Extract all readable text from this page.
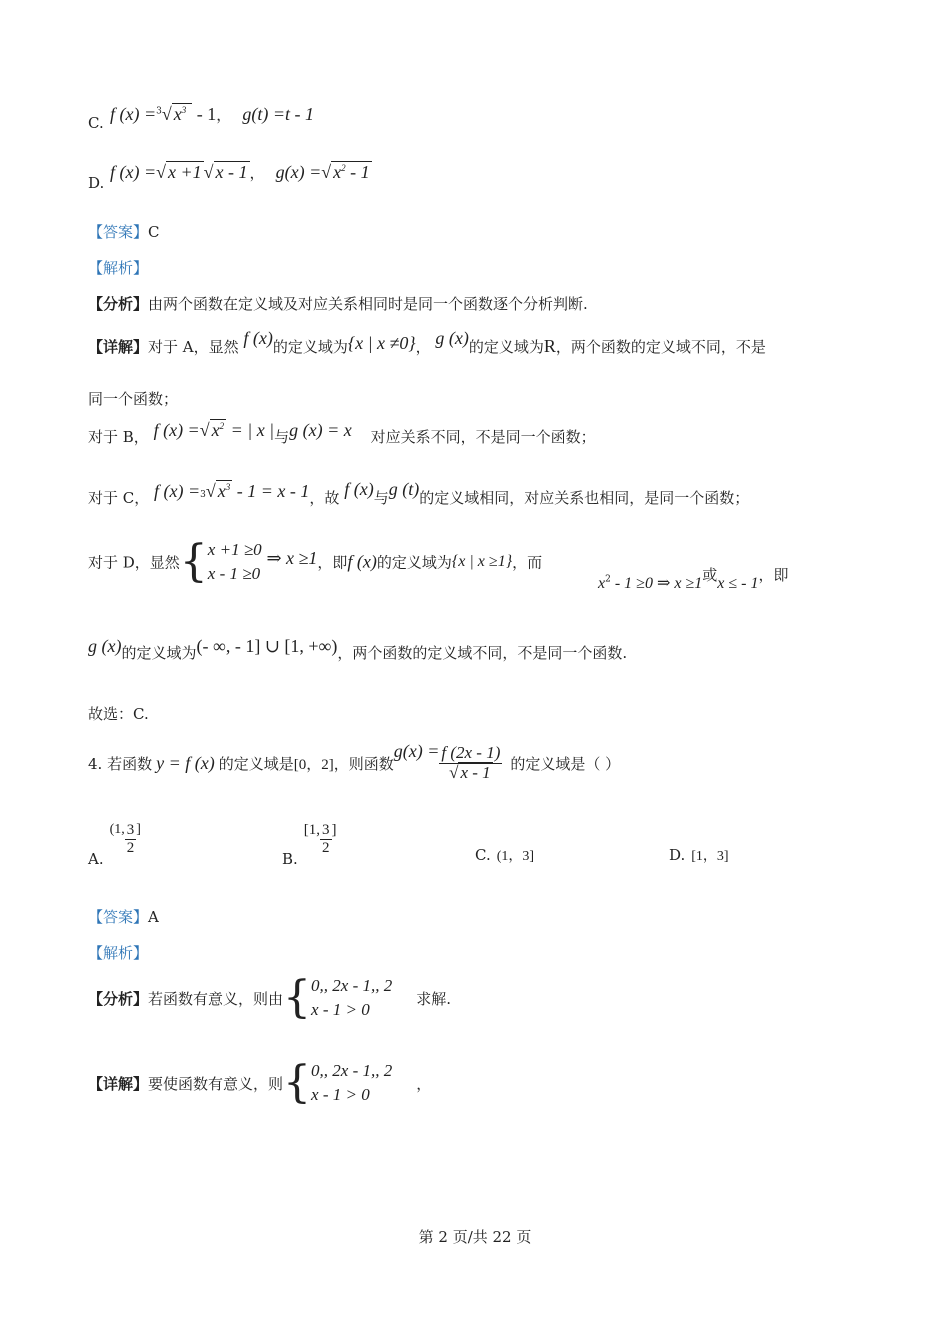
C. f (x) =$^3$√ $x^3 - 1$， g(t) =t - 1
D.
f (x) =√ x +1 √ x - 1 ， g(x) =√ $x^2 - 1$
【答案】C
【解析】
【分析】由两个函数在定义域及对应关系相同时是同一个函数逐个分析判断.
【详解】对于 A，显然 f (x)的定义域为{x | x ≠0}， g (x)的定义域为R，两个函数的定义域不同，不是
同一个函数；
对于 B， f (x) =√ $x^2$ = | x |与g (x) = x 对应关系不同，不是同一个函数；
对于 C， f (x) =$^3$√ $x^3 - 1 = x - 1$，故 f (x)与g (t)的定义域相同，对应关系也相同，是同一个函数；
对于 D，显然{ x +1 ≥0
x - 1 ≥0
⇒ x ≥1，即f (x)的定义域为{x | x ≥1}，而
$x^2 - 1 \ge 0$ ⇒ x ≥1或x ≤ - 1，即
g (x)的定义域为(- ∞, - 1] ∪ [1, +∞)，两个函数的定义域不同，不是同一个函数.
故选：C.
4. 若函数 y = f (x) 的定义域是 [0，2] ，则函数
$g(x) = \frac{f (2x - 1)}{√ x - 1}$ 的定义域是（ ）
A.
(1, $\frac{3}{2}$ ]
B.
[1, $\frac{3}{2}$ ]
C. (1，3]	D. [1，3]
【答案】A
【解析】
【分析】 若函数有意义，则由 { 0,, 2x - 1,, 2
x - 1 > 0
求解.
【详解】 要使函数有意义，则 { 0,, 2x - 1,, 2
x - 1 > 0
，
第 2 页/共 22 页
